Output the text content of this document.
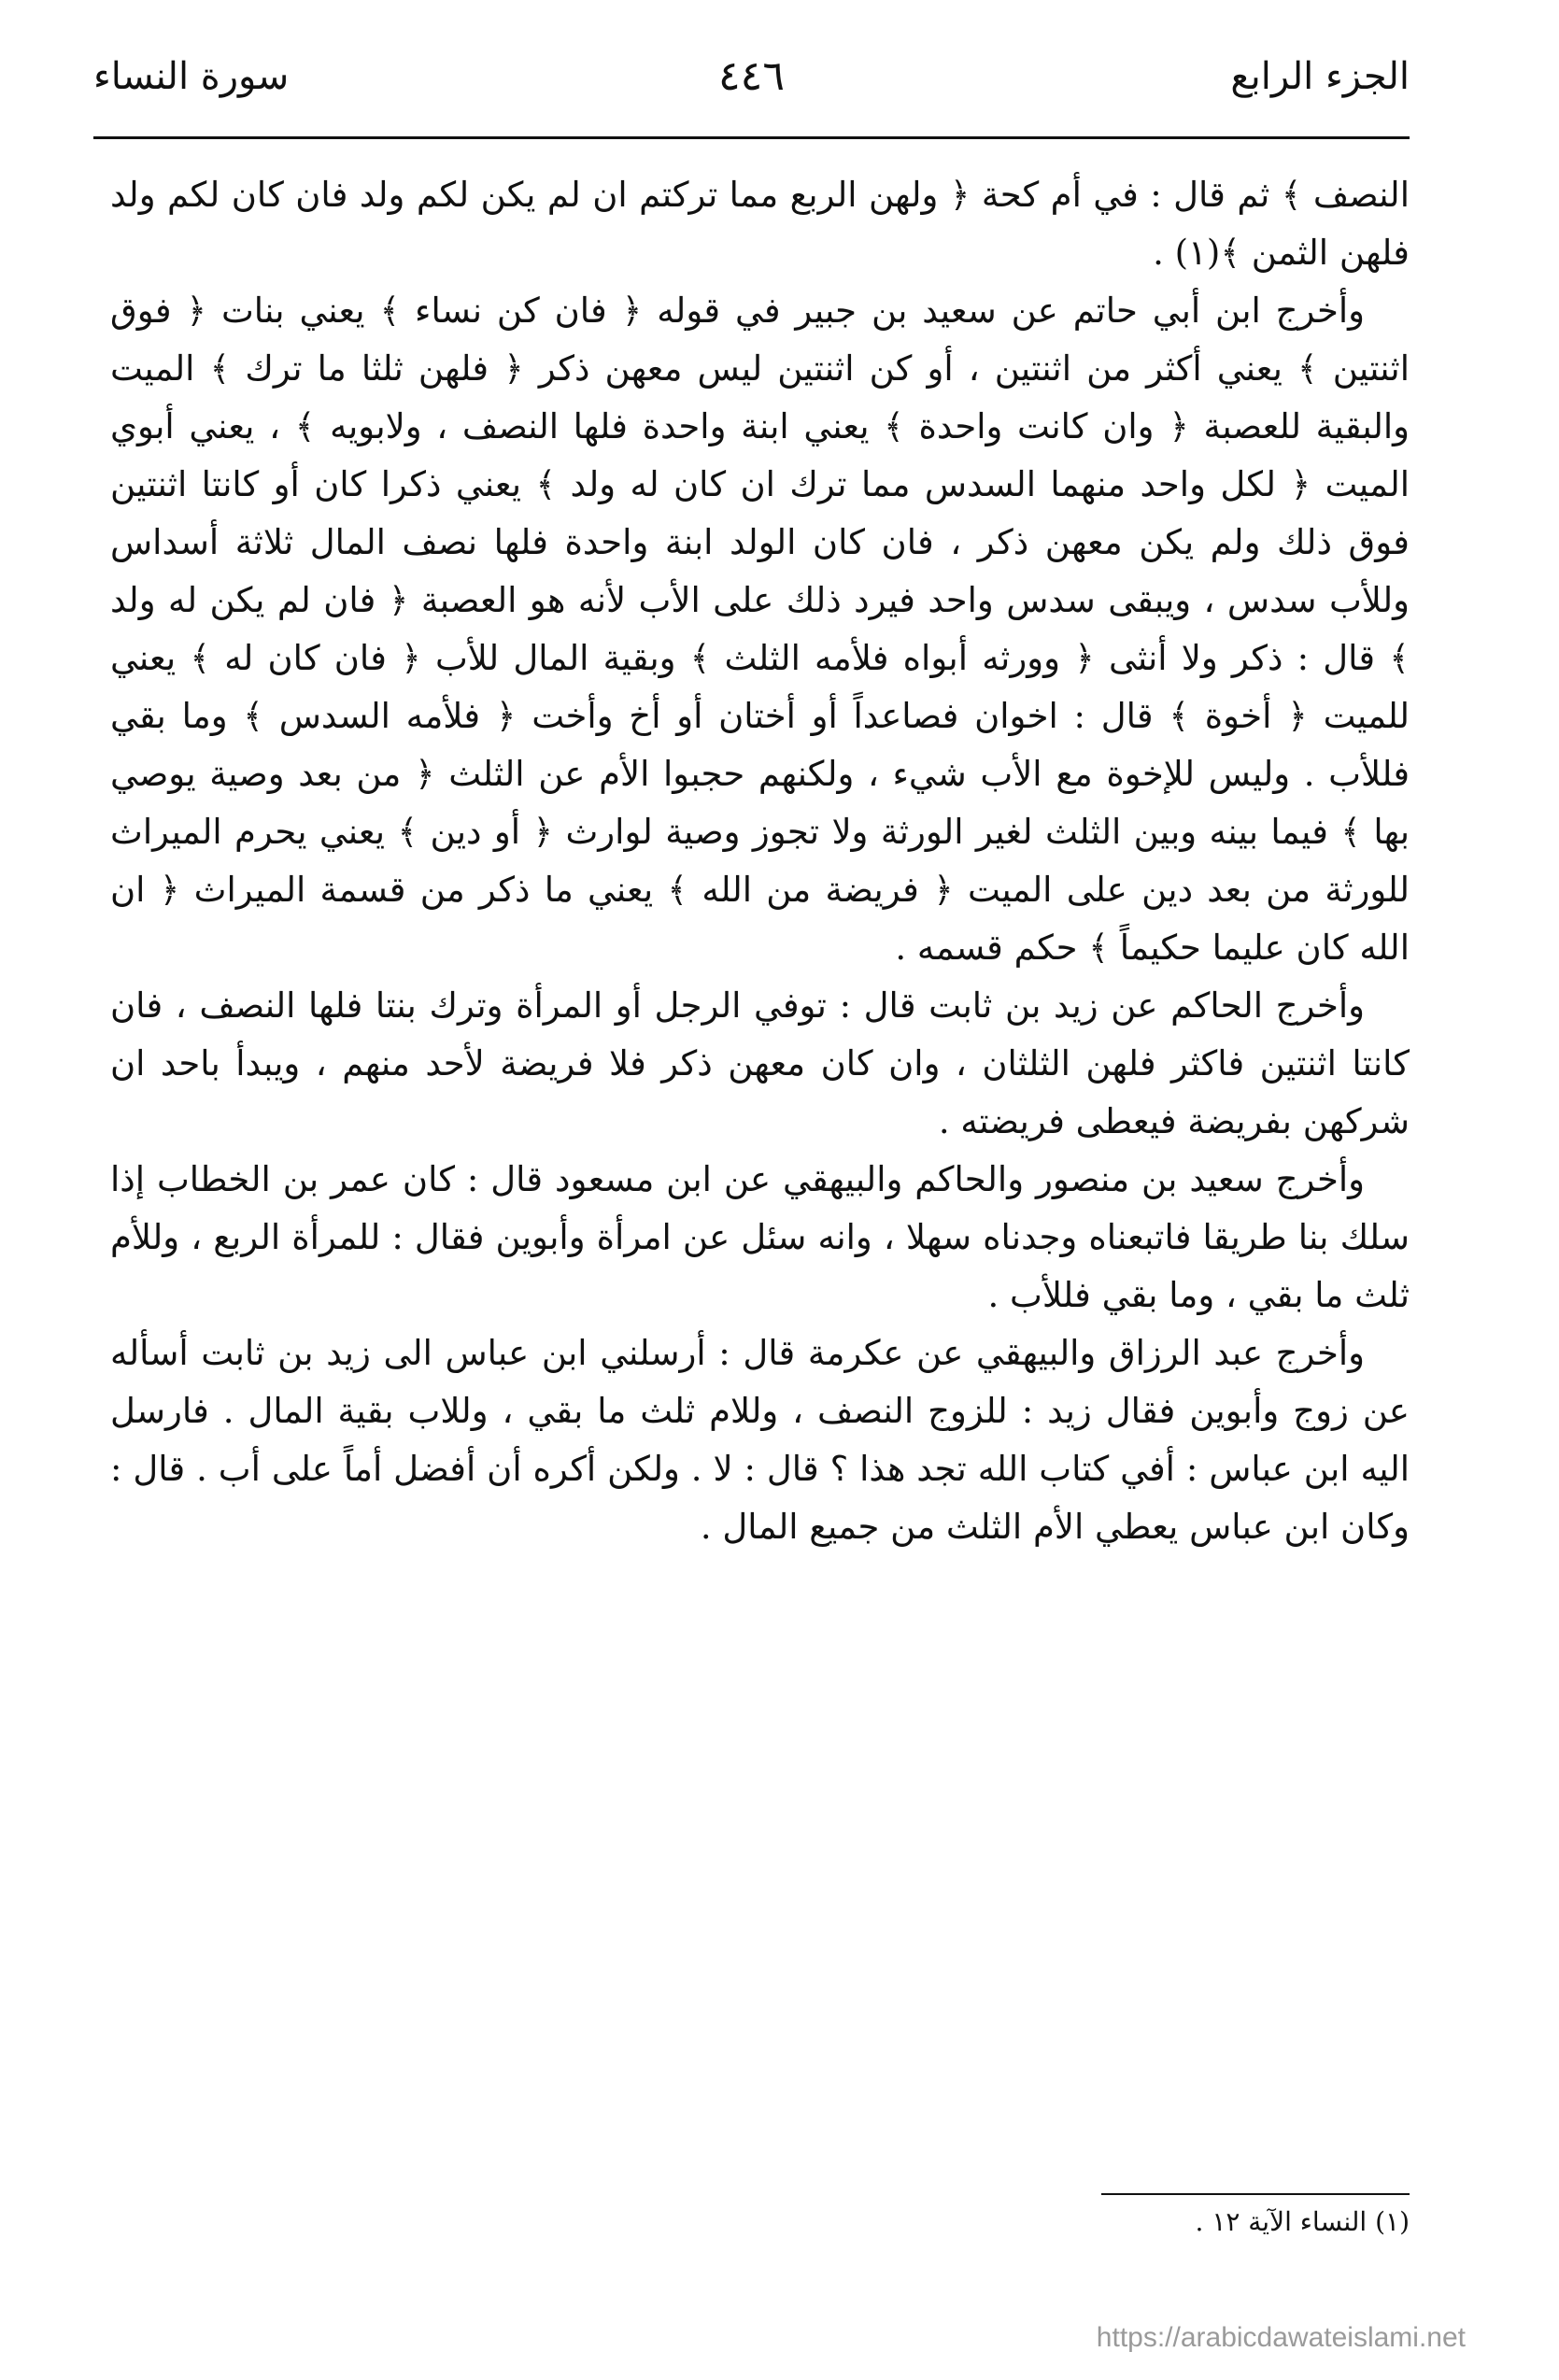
الجزء الرابع
٤٤٦
سورة النساء

النصف ﴾ ثم قال : في أم كحة ﴿ ولهن الربع مما تركتم ان لم يكن لكم ولد فان كان لكم ولد فلهن الثمن ﴾(١) .

وأخرج ابن أبي حاتم عن سعيد بن جبير في قوله ﴿ فان كن نساء ﴾ يعني بنات ﴿ فوق اثنتين ﴾ يعني أكثر من اثنتين ، أو كن اثنتين ليس معهن ذكر ﴿ فلهن ثلثا ما ترك ﴾ الميت والبقية للعصبة ﴿ وان كانت واحدة ﴾ يعني ابنة واحدة فلها النصف ، ولابويه ﴾ ، يعني أبوي الميت ﴿ لكل واحد منهما السدس مما ترك ان كان له ولد ﴾ يعني ذكرا كان أو كانتا اثنتين فوق ذلك ولم يكن معهن ذكر ، فان كان الولد ابنة واحدة فلها نصف المال ثلاثة أسداس وللأب سدس ، ويبقى سدس واحد فيرد ذلك على الأب لأنه هو العصبة ﴿ فان لم يكن له ولد ﴾ قال : ذكر ولا أنثى ﴿ وورثه أبواه فلأمه الثلث ﴾ وبقية المال للأب ﴿ فان كان له ﴾ يعني للميت ﴿ أخوة ﴾ قال : اخوان فصاعداً أو أختان أو أخ وأخت ﴿ فلأمه السدس ﴾ وما بقي فللأب . وليس للإخوة مع الأب شيء ، ولكنهم حجبوا الأم عن الثلث ﴿ من بعد وصية يوصي بها ﴾ فيما بينه وبين الثلث لغير الورثة ولا تجوز وصية لوارث ﴿ أو دين ﴾ يعني يحرم الميراث للورثة من بعد دين على الميت ﴿ فريضة من الله ﴾ يعني ما ذكر من قسمة الميراث ﴿ ان الله كان عليما حكيماً ﴾ حكم قسمه .

وأخرج الحاكم عن زيد بن ثابت قال : توفي الرجل أو المرأة وترك بنتا فلها النصف ، فان كانتا اثنتين فاكثر فلهن الثلثان ، وان كان معهن ذكر فلا فريضة لأحد منهم ، ويبدأ باحد ان شركهن بفريضة فيعطى فريضته .

وأخرج سعيد بن منصور والحاكم والبيهقي عن ابن مسعود قال : كان عمر بن الخطاب إذا سلك بنا طريقا فاتبعناه وجدناه سهلا ، وانه سئل عن امرأة وأبوين فقال : للمرأة الربع ، وللأم ثلث ما بقي ، وما بقي فللأب .

وأخرج عبد الرزاق والبيهقي عن عكرمة قال : أرسلني ابن عباس الى زيد بن ثابت أسأله عن زوج وأبوين فقال زيد : للزوج النصف ، وللام ثلث ما بقي ، وللاب بقية المال . فارسل اليه ابن عباس : أفي كتاب الله تجد هذا ؟ قال : لا . ولكن أكره أن أفضل أماً على أب . قال : وكان ابن عباس يعطي الأم الثلث من جميع المال .

(١) النساء الآية ١٢ .
https://arabicdawateislami.net
